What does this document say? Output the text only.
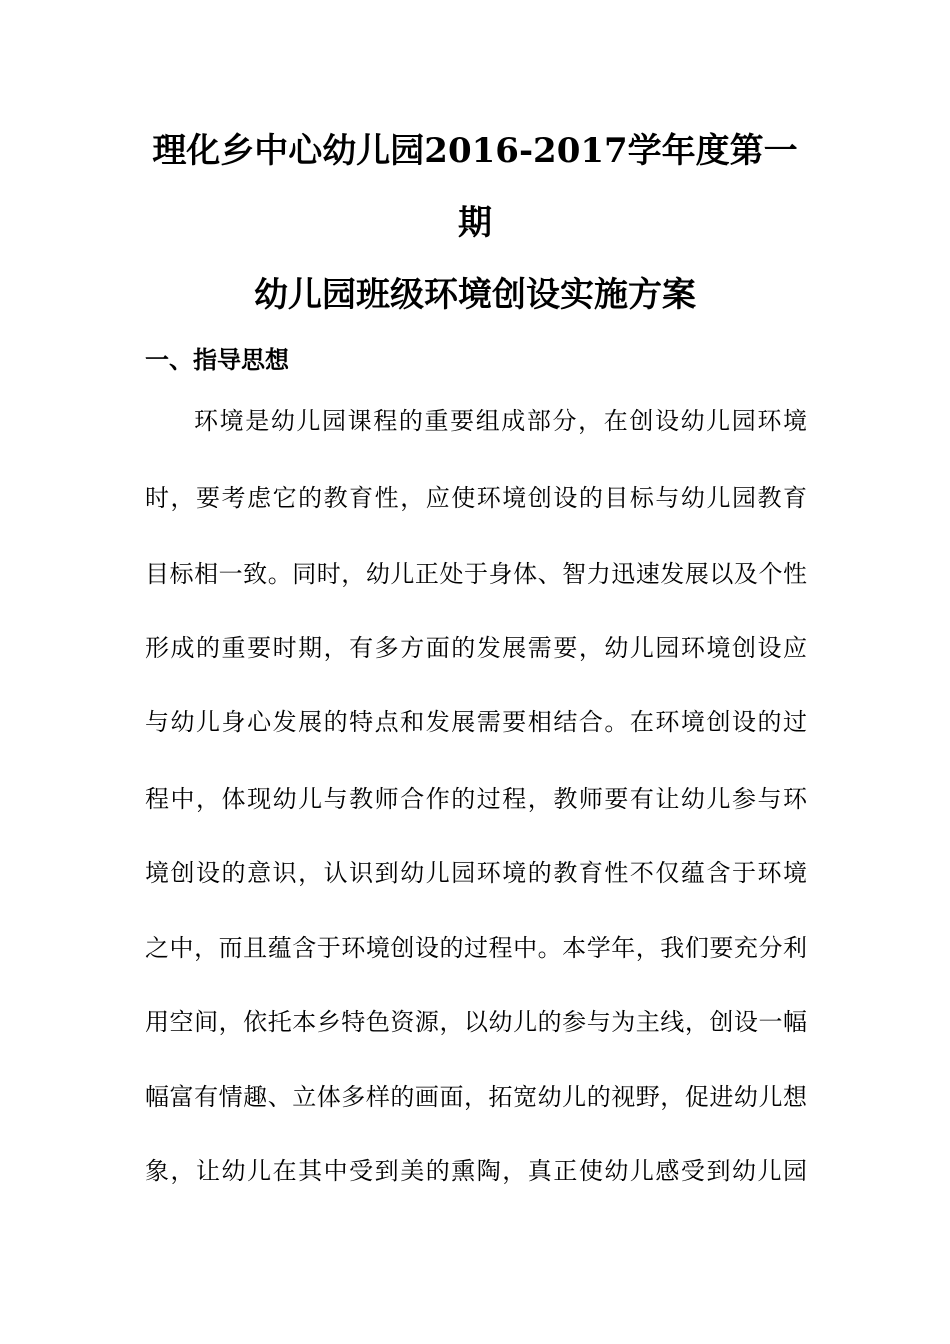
理化乡中心幼儿园2016-2017学年度第一
期
幼儿园班级环境创设实施方案
一、指导思想
环境是幼儿园课程的重要组成部分，在创设幼儿园环境
时，要考虑它的教育性，应使环境创设的目标与幼儿园教育
目标相一致。同时，幼儿正处于身体、智力迅速发展以及个性
形成的重要时期，有多方面的发展需要，幼儿园环境创设应
与幼儿身心发展的特点和发展需要相结合。在环境创设的过
程中，体现幼儿与教师合作的过程，教师要有让幼儿参与环
境创设的意识，认识到幼儿园环境的教育性不仅蕴含于环境
之中，而且蕴含于环境创设的过程中。本学年，我们要充分利
用空间，依托本乡特色资源，以幼儿的参与为主线，创设一幅
幅富有情趣、立体多样的画面，拓宽幼儿的视野，促进幼儿想
象，让幼儿在其中受到美的熏陶，真正使幼儿感受到幼儿园
